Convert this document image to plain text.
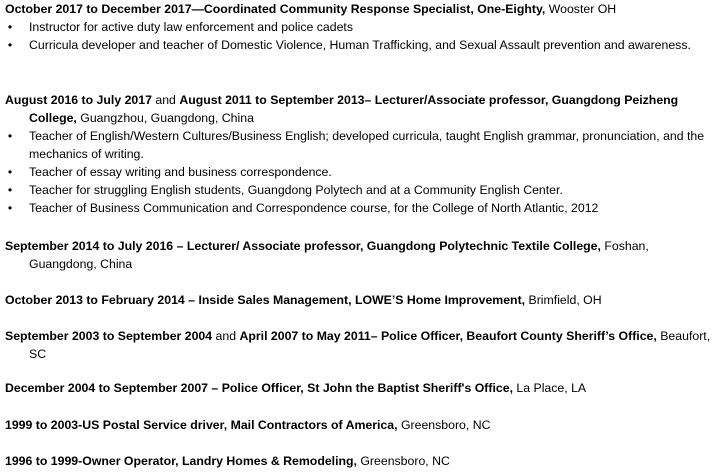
October 2017 to December 2017—Coordinated Community Response Specialist, One-Eighty, Wooster OH

• Instructor for active duty law enforcement and police cadets
• Curricula developer and teacher of Domestic Violence, Human Trafficking, and Sexual Assault prevention and awareness.

August 2016 to July 2017 and August 2011 to September 2013– Lecturer/Associate professor, Guangdong Peizheng College, Guangzhou, Guangdong, China

• Teacher of English/Western Cultures/Business English; developed curricula, taught English grammar, pronunciation, and the mechanics of writing.
• Teacher of essay writing and business correspondence.
• Teacher for struggling English students, Guangdong Polytech and at a Community English Center.
• Teacher of Business Communication and Correspondence course, for the College of North Atlantic, 2012

September 2014 to July 2016 – Lecturer/ Associate professor, Guangdong Polytechnic Textile College, Foshan, Guangdong, China

October 2013 to February 2014 – Inside Sales Management, LOWE’S Home Improvement, Brimfield, OH

September 2003 to September 2004 and April 2007 to May 2011– Police Officer, Beaufort County Sheriff’s Office, Beaufort, SC

December 2004 to September 2007 – Police Officer, St John the Baptist Sheriff's Office, La Place, LA

1999 to 2003-US Postal Service driver, Mail Contractors of America, Greensboro, NC

1996 to 1999-Owner Operator, Landry Homes & Remodeling, Greensboro, NC
